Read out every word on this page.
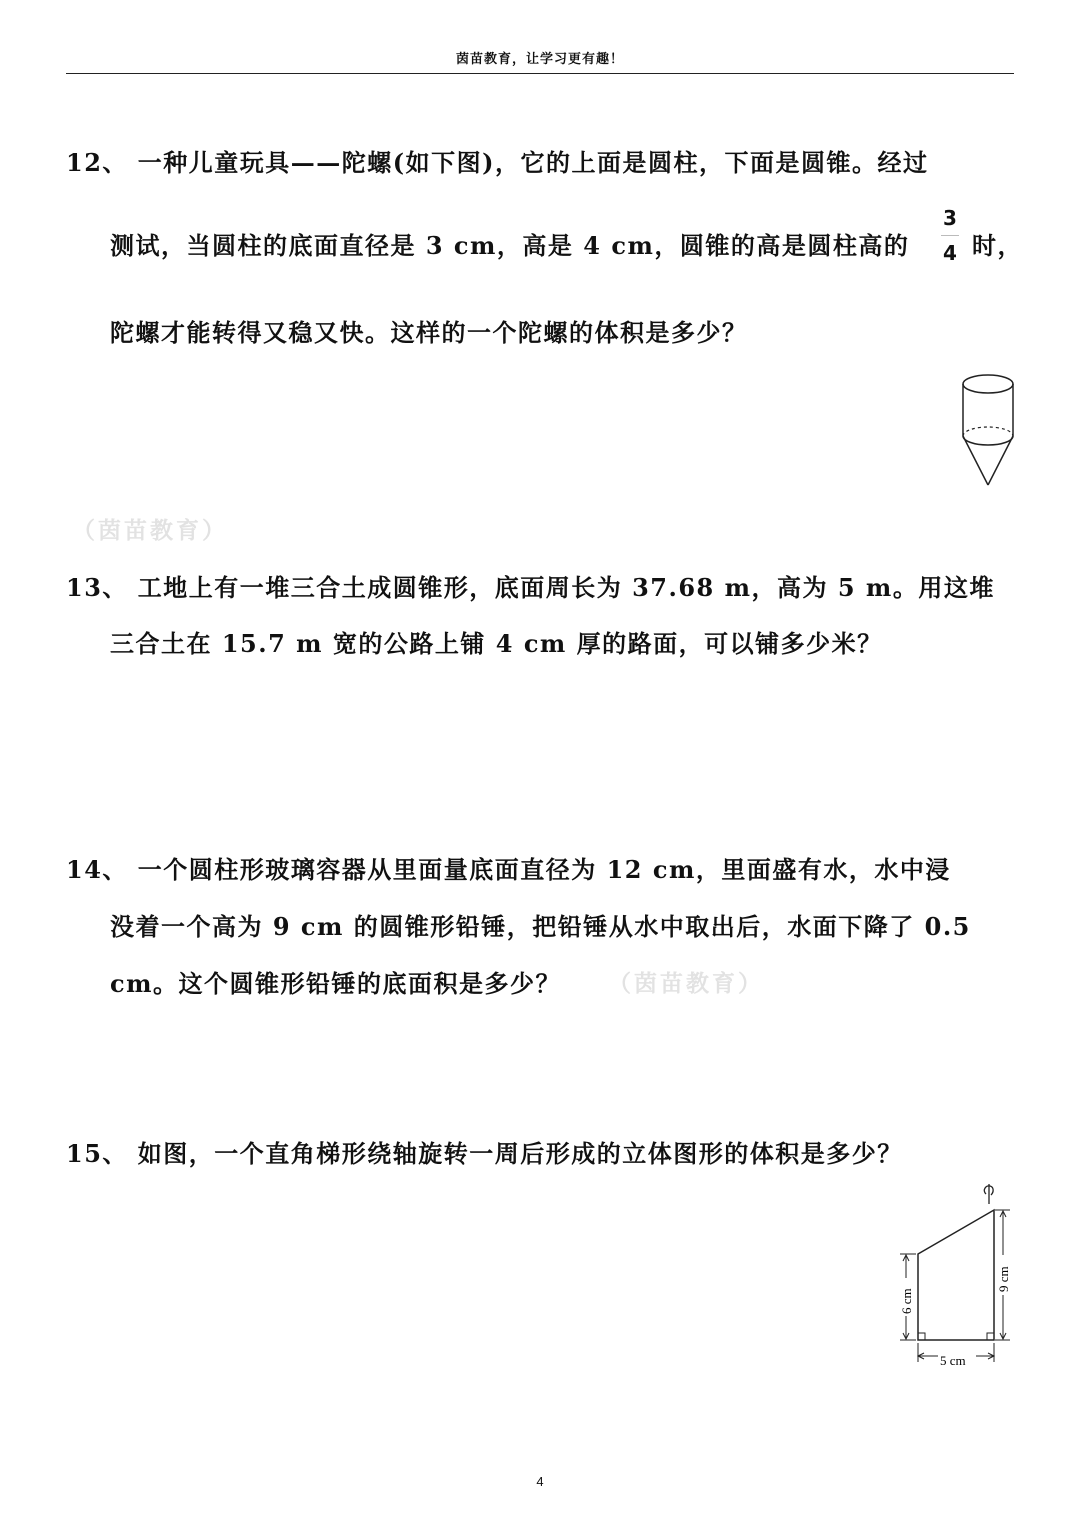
茵苗教育，让学习更有趣！
12、 一种儿童玩具——陀螺(如下图)，它的上面是圆柱，下面是圆锥。经过
测试，当圆柱的底面直径是 3 cm，高是 4 cm，圆锥的高是圆柱高的
3
4 时，
陀螺才能转得又稳又快。这样的一个陀螺的体积是多少？
（茵苗教育）
13、 工地上有一堆三合土成圆锥形，底面周长为 37.68 m，高为 5 m。用这堆
三合土在 15.7 m 宽的公路上铺 4 cm 厚的路面，可以铺多少米？
14、 一个圆柱形玻璃容器从里面量底面直径为 12 cm，里面盛有水，水中浸
没着一个高为 9 cm 的圆锥形铅锤，把铅锤从水中取出后，水面下降了 0.5
cm。这个圆锥形铅锤的底面积是多少？ （茵苗教育）
15、 如图，一个直角梯形绕轴旋转一周后形成的立体图形的体积是多少？
9 cm
6 cm
5 cm
4
